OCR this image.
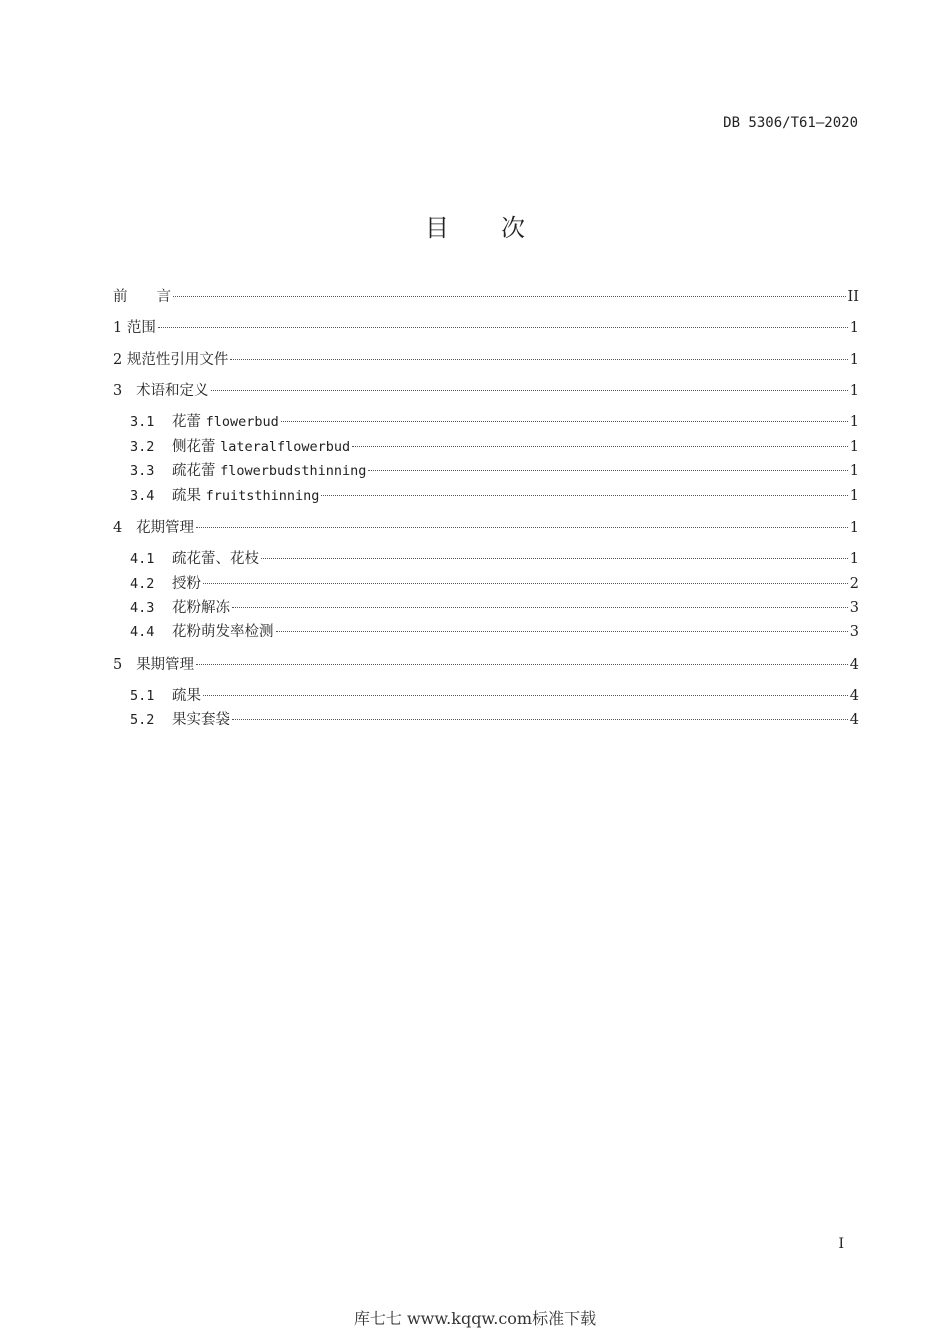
DB 5306/T61—2020
目 次
前　　言	II
1 范围	1
2 规范性引用文件	1
3 术语和定义	1
3.1	花蕾 flowerbud	1
3.2	侧花蕾 lateralflowerbud	1
3.3	疏花蕾 flowerbudsthinning	1
3.4	疏果 fruitsthinning	1
4 花期管理	1
4.1	疏花蕾、花枝	1
4.2	授粉	2
4.3	花粉解冻	3
4.4	花粉萌发率检测	3
5 果期管理	4
5.1	疏果	4
5.2	果实套袋	4
I
库七七 www.kqqw.com标准下载
